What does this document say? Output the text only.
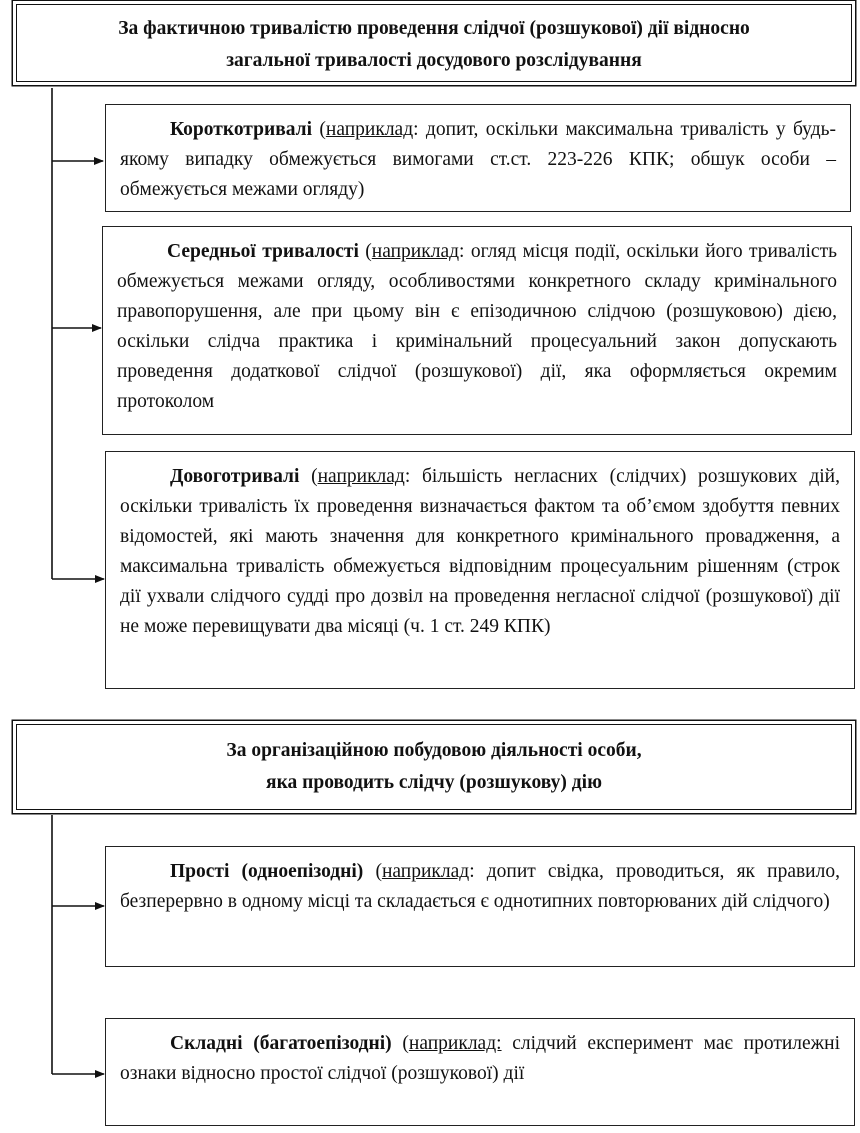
За фактичною тривалістю проведення слідчої (розшукової) дії відносно
загальної тривалості досудового розслідування
Короткотривалі (наприклад: допит, оскільки максимальна тривалість у будь-якому випадку обмежується вимогами ст.ст. 223-226 КПК; обшук особи – обмежується межами огляду)
Середньої тривалості (наприклад: огляд місця події, оскільки його тривалість обмежується межами огляду, особливостями конкретного складу кримінального правопорушення, але при цьому він є епізодичною слідчою (розшуковою) дією, оскільки слідча практика і кримінальний процесуальний закон допускають проведення додаткової слідчої (розшукової) дії, яка оформляється окремим протоколом
Довоготривалі (наприклад: більшість негласних (слідчих) розшукових дій, оскільки тривалість їх проведення визначається фактом та об’ємом здобуття певних відомостей, які мають значення для конкретного кримінального провадження, а максимальна тривалість обмежується відповідним процесуальним рішенням (строк дії ухвали слідчого судді про дозвіл на проведення негласної слідчої (розшукової) дії не може перевищувати два місяці (ч. 1 ст. 249 КПК)
За організаційною побудовою діяльності особи,
яка проводить слідчу (розшукову) дію
Прості (одноепізодні) (наприклад: допит свідка, проводиться, як правило, безперервно в одному місці та складається є однотипних повторюваних дій слідчого)
Складні (багатоепізодні) (наприклад: слідчий експеримент має протилежні ознаки відносно простої слідчої (розшукової) дії
